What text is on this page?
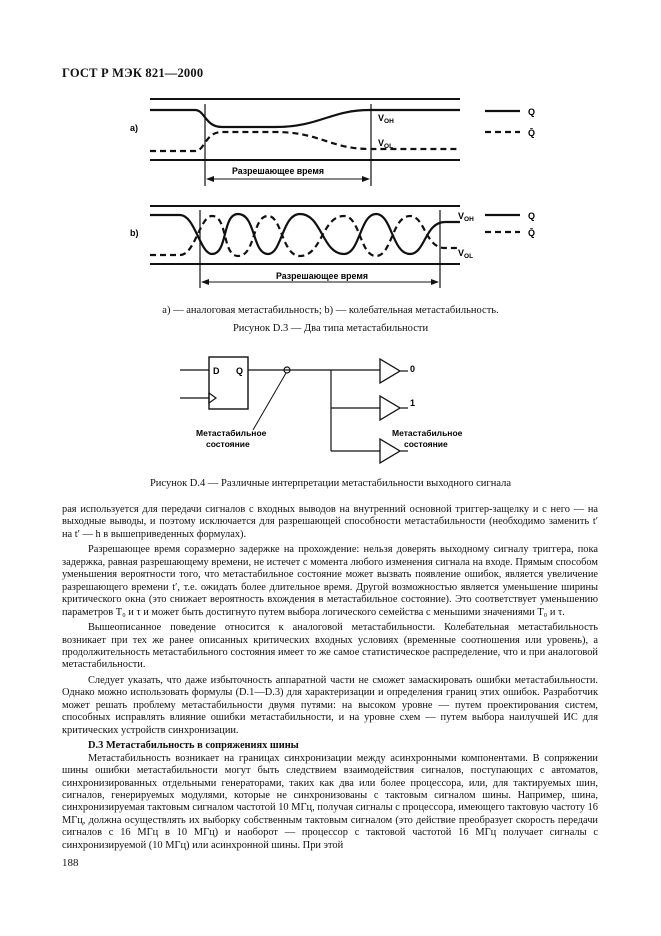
ГОСТ Р МЭК 821—2000
Разрешающее время
а)
$V_{OH}$
$V_{OL}$
Q
Q̄
Разрешающее время
b)
$V_{OH}$
$V_{OL}$
Q
Q̄
а) — аналоговая метастабильность; b) — колебательная метастабильность.
Рисунок D.3 — Два типа метастабильности
D Q	0
1
Метастабильное
состояние
Метастабильное
состояние
Рисунок D.4 — Различные интерпретации метастабильности выходного сигнала

рая используется для передачи сигналов с входных выводов на внутренний основной триггер-защелку и с него — на выходные выводы, и поэтому исключается для разрешающей способности метастабильности (необходимо заменить t′ на t′ — h в вышеприведенных формулах).

Разрешающее время соразмерно задержке на прохождение: нельзя доверять выходному сигналу триггера, пока задержка, равная разрешающему времени, не истечет с момента любого изменения сигнала на входе. Прямым способом уменьшения вероятности того, что метастабильное состояние может вызвать появление ошибок, является увеличение разрешающего времени t′, т.е. ожидать более длительное время. Другой возможностью является уменьшение ширины критического окна (это снижает вероятность вхождения в метастабильное состояние). Это соответствует уменьшению параметров T₀ и τ и может быть достигнуто путем выбора логического семейства с меньшими значениями T₀ и τ.

Вышеописанное поведение относится к аналоговой метастабильности. Колебательная метастабильность возникает при тех же ранее описанных критических входных условиях (временные соотношения или уровень), а продолжительность метастабильного состояния имеет то же самое статистическое распределение, что и при аналоговой метастабильности.

Следует указать, что даже избыточность аппаратной части не сможет замаскировать ошибки метастабильности. Однако можно использовать формулы (D.1—D.3) для характеризации и определения границ этих ошибок. Разработчик может решать проблему метастабильности двумя путями: на высоком уровне — путем проектирования систем, способных исправлять влияние ошибки метастабильности, и на уровне схем — путем выбора наилучшей ИС для критических устройств синхронизации.

D.3 Метастабильность в сопряжениях шины

Метастабильность возникает на границах синхронизации между асинхронными компонентами. В сопряжении шины ошибки метастабильности могут быть следствием взаимодействия сигналов, поступающих с автоматов, синхронизированных отдельными генераторами, таких как два или более процессора, или, для тактируемых шин, сигналов, генерируемых модулями, которые не синхронизованы с тактовым сигналом шины. Например, шина, синхронизируемая тактовым сигналом частотой 10 МГц, получая сигналы с процессора, имеющего тактовую частоту 16 МГц, должна осуществлять их выборку собственным тактовым сигналом (это действие преобразует скорость передачи сигналов с 16 МГц в 10 МГц) и наоборот — процессор с тактовой частотой 16 МГц получает сигналы с синхронизируемой (10 МГц) или асинхронной шины. При этой

188
